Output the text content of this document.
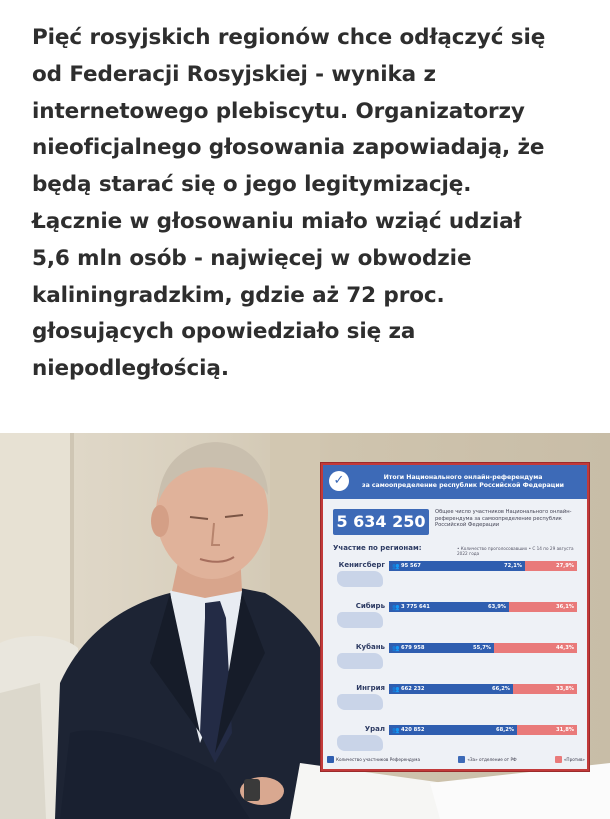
Pięć rosyjskich regionów chce odłączyć się
od Federacji Rosyjskiej - wynika z
internetowego plebiscytu. Organizatorzy
nieoficjalnego głosowania zapowiadają, że
będą starać się o jego legitymizację.
Łącznie w głosowaniu miało wziąć udział
5,6 mln osób - najwięcej w obwodzie
kaliningradzkim, gdzie aż 72 proc.
głosujących opowiedziało się za
niepodległością.
✓	Итоги Национального онлайн-референдума
за самоопределение республик Российской Федерации
5 634 250	Общее число участников Национального онлайн-референдума за самоопределение республик Российской Федерации
Участие по регионам:	• Количество проголосовавших • С 14 по 29 августа 2022 года
Кенигсберг 👥 95 567	72,1%	27,9%
Сибирь 👥 3 775 641	63,9%	36,1%
Кубань 👥 679 958	55,7%	44,3%
Ингрия 👥 662 232	66,2%	33,8%
Урал 👥 420 852	68,2%	31,8%
Количество участников Референдума	«За» отделение от РФ	«Против»
